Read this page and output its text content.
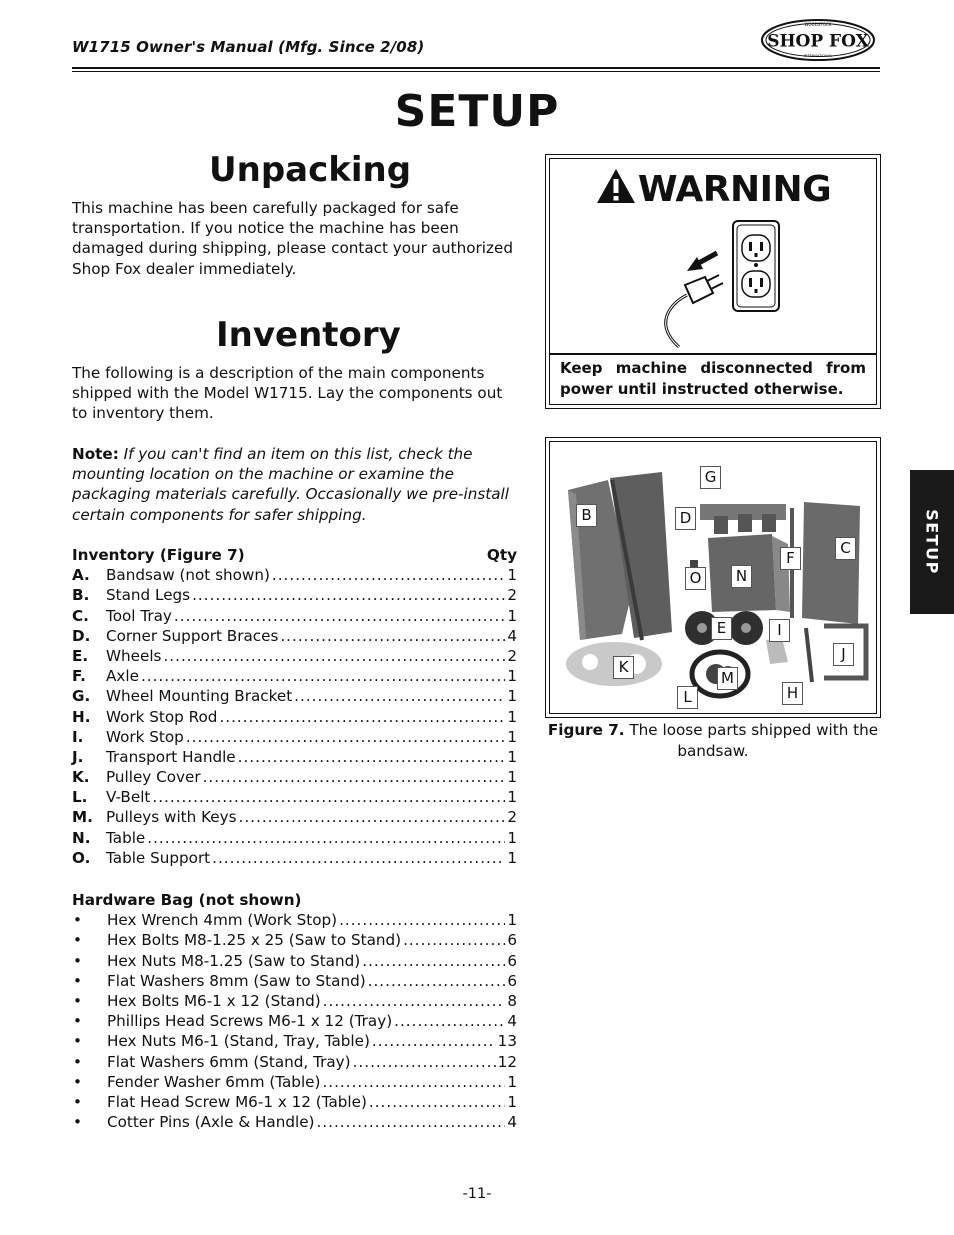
W1715 Owner's Manual (Mfg. Since 2/08)	SHOP FOX
WOODSTOCK
INTERNATIONAL
SETUP
Unpacking
This machine has been carefully packaged for safe transportation. If you notice the machine has been damaged during shipping, please contact your authorized Shop Fox dealer immediately.
Inventory
The following is a description of the main components shipped with the Model W1715. Lay the components out to inventory them.
Note: If you can't find an item on this list, check the mounting location on the machine or examine the packaging materials carefully. Occasionally we pre-install certain components for safer shipping.
Inventory (Figure 7)	Qty
A.	Bandsaw (not shown) .....	1
B.	Stand Legs .....	2
C.	Tool Tray .....	1
D.	Corner Support Braces .....	4
E.	Wheels .....	2
F.	Axle .....	1
G.	Wheel Mounting Bracket .....	1
H.	Work Stop Rod .....	1
I.	Work Stop .....	1
J.	Transport Handle .....	1
K.	Pulley Cover .....	1
L.	V-Belt .....	1
M. Pulleys with Keys .....	2
N.	Table .....	1
O.	Table Support .....	1
Hardware Bag (not shown)
•	Hex Wrench 4mm (Work Stop) .....	1
•	Hex Bolts M8-1.25 x 25 (Saw to Stand) .....	6
•	Hex Nuts M8-1.25 (Saw to Stand) .....	6
•	Flat Washers 8mm (Saw to Stand) .....	6
•	Hex Bolts M6-1 x 12 (Stand) .....	8
•	Phillips Head Screws M6-1 x 12 (Tray) .....	4
•	Hex Nuts M6-1 (Stand, Tray, Table) .....	13
•	Flat Washers 6mm (Stand, Tray) .....	12
•	Fender Washer 6mm (Table) .....	1
•	Flat Head Screw M6-1 x 12 (Table) .....	1
•	Cotter Pins (Axle & Handle) .....	4
WARNING
Keep machine disconnected from power until instructed otherwise.
B
G
D
C
F
O	N
E	I
J
K
M
H
L
Figure 7. The loose parts shipped with the bandsaw.
SETUP
-11-
